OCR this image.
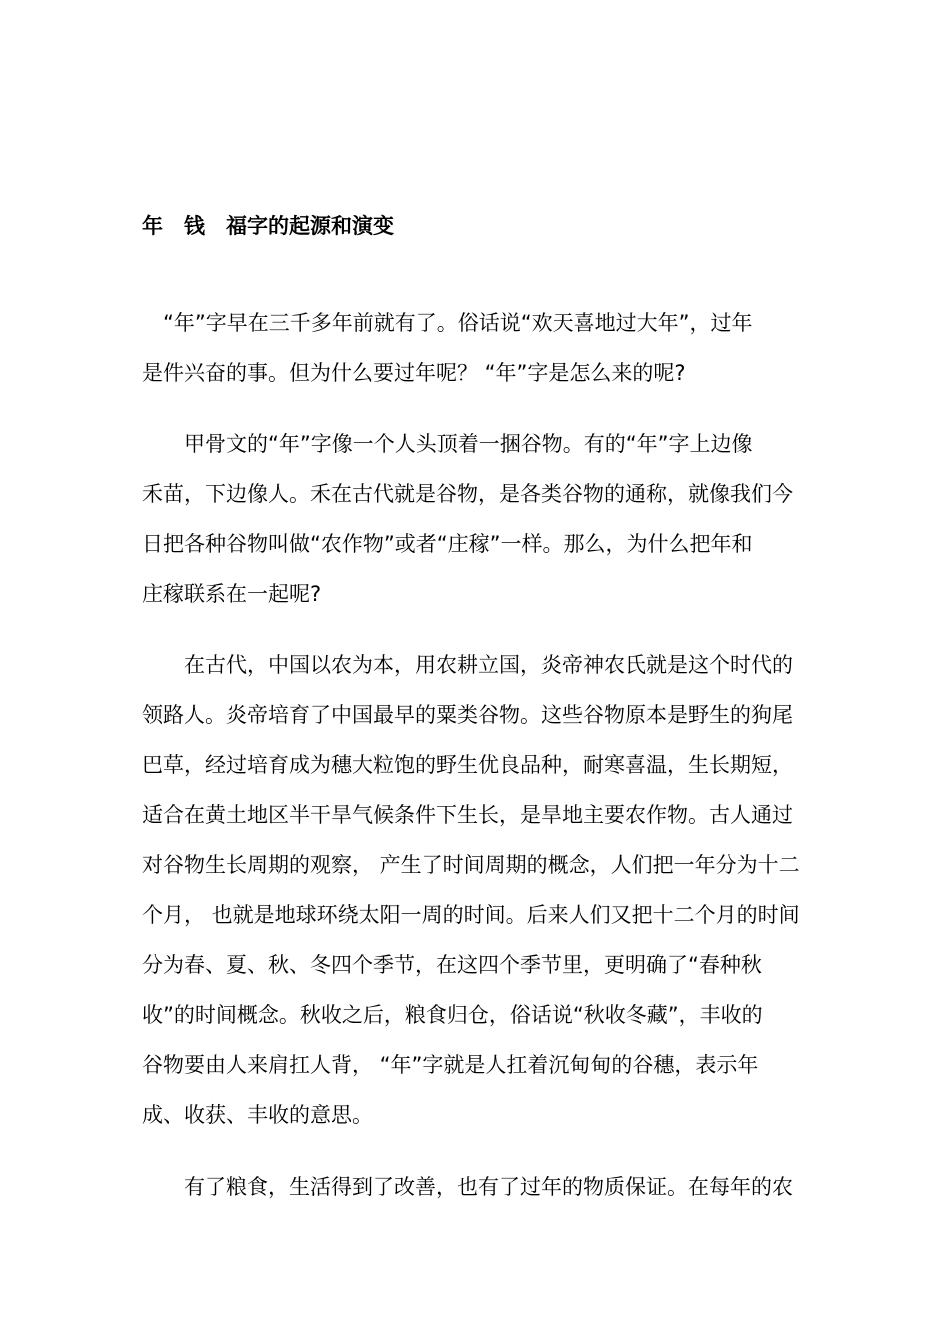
年　钱　福字的起源和演变

　“年”字早在三千多年前就有了。俗话说“欢天喜地过大年”，过年
是件兴奋的事。但为什么要过年呢？ “年”字是怎么来的呢?

　　甲骨文的“年”字像一个人头顶着一捆谷物。有的“年”字上边像
禾苗，下边像人。禾在古代就是谷物，是各类谷物的通称，就像我们今
日把各种谷物叫做“农作物”或者“庄稼”一样。那么，为什么把年和
庄稼联系在一起呢?

　　在古代，中国以农为本，用农耕立国，炎帝神农氏就是这个时代的
领路人。炎帝培育了中国最早的粟类谷物。这些谷物原本是野生的狗尾
巴草，经过培育成为穗大粒饱的野生优良品种，耐寒喜温，生长期短，
适合在黄土地区半干旱气候条件下生长，是旱地主要农作物。古人通过
对谷物生长周期的观察， 产生了时间周期的概念，人们把一年分为十二
个月， 也就是地球环绕太阳一周的时间。后来人们又把十二个月的时间
分为春、夏、秋、冬四个季节，在这四个季节里，更明确了“春种秋
收”的时间概念。秋收之后，粮食归仓，俗话说“秋收冬藏”，丰收的
谷物要由人来肩扛人背， “年”字就是人扛着沉甸甸的谷穗，表示年
成、收获、丰收的意思。

　　有了粮食，生活得到了改善，也有了过年的物质保证。在每年的农
